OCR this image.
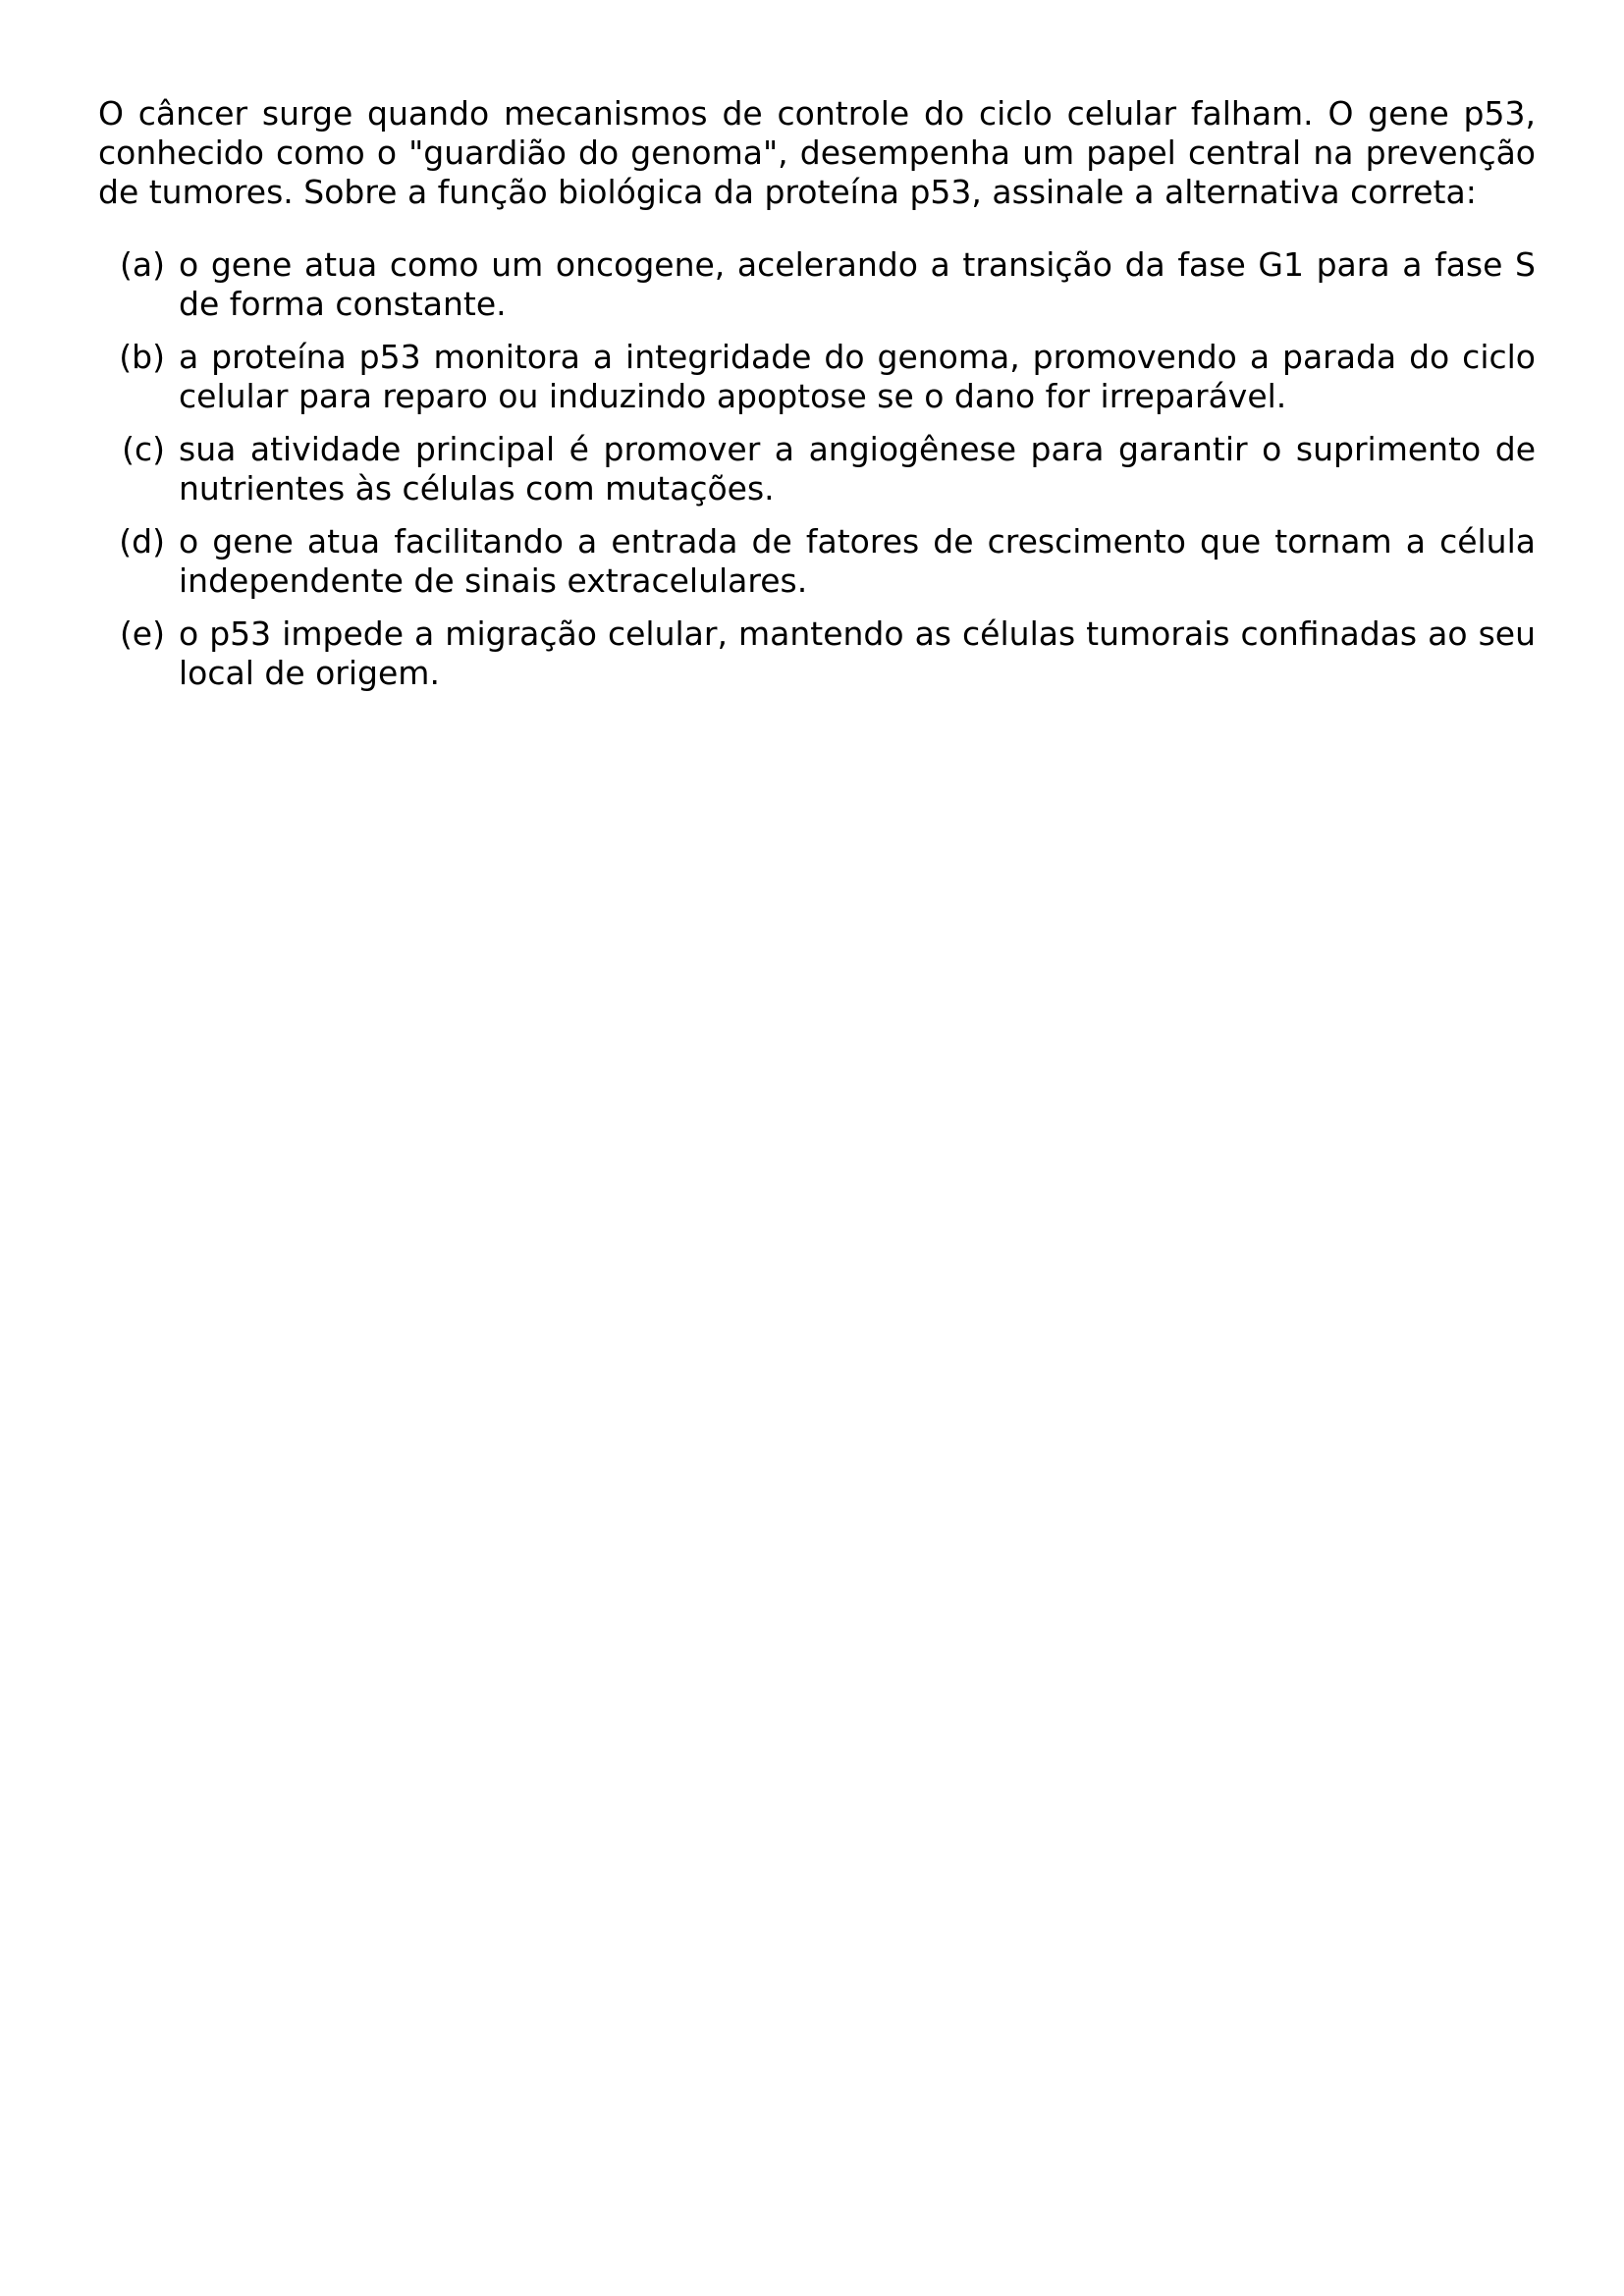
O câncer surge quando mecanismos de controle do ciclo celular falham. O gene p53, conhecido como o "guardião do genoma", desempenha um papel central na prevenção de tumores. Sobre a função biológica da proteína p53, assinale a alternativa correta:

(a) o gene atua como um oncogene, acelerando a transição da fase G1 para a fase S de forma constante.
(b) a proteína p53 monitora a integridade do genoma, promovendo a parada do ciclo celular para reparo ou induzindo apoptose se o dano for irreparável.
(c) sua atividade principal é promover a angiogênese para garantir o suprimento de nutrientes às células com mutações.
(d) o gene atua facilitando a entrada de fatores de crescimento que tornam a célula independente de sinais extracelulares.
(e) o p53 impede a migração celular, mantendo as células tumorais confinadas ao seu local de origem.
